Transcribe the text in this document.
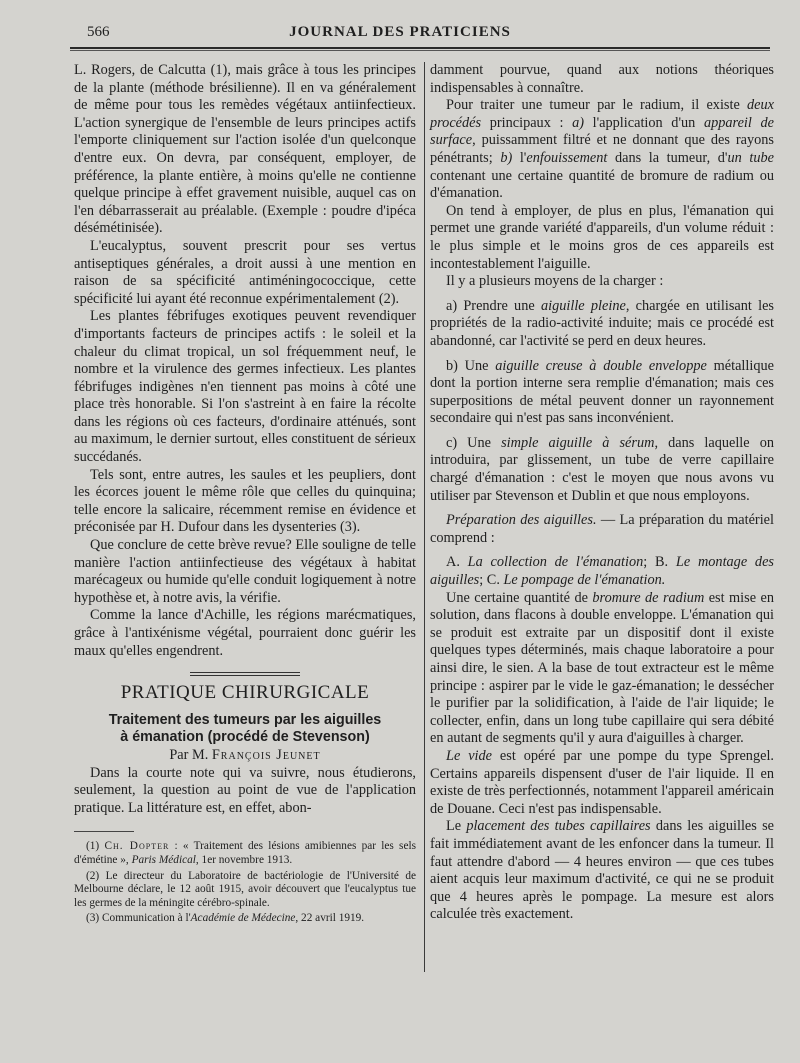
566	JOURNAL DES PRATICIENS

L. Rogers, de Calcutta (1), mais grâce à tous les principes de la plante (méthode brésilienne). Il en va généralement de même pour tous les remèdes végétaux antiinfectieux. L'action synergique de l'ensemble de leurs principes actifs l'emporte cliniquement sur l'action isolée d'un quelconque d'entre eux. On devra, par conséquent, employer, de préférence, la plante entière, à moins qu'elle ne contienne quelque principe à effet gravement nuisible, auquel cas on l'en débarrasserait au préalable. (Exemple : poudre d'ipéca désémétinisée).

L'eucalyptus, souvent prescrit pour ses vertus antiseptiques générales, a droit aussi à une mention en raison de sa spécificité antiméningococcique, cette spécificité lui ayant été reconnue expérimentalement (2).

Les plantes fébrifuges exotiques peuvent revendiquer d'importants facteurs de principes actifs : le soleil et la chaleur du climat tropical, un sol fréquemment neuf, le nombre et la virulence des germes infectieux. Les plantes fébrifuges indigènes n'en tiennent pas moins à côté une place très honorable. Si l'on s'astreint à en faire la récolte dans les régions où ces facteurs, d'ordinaire atténués, sont au maximum, le dernier surtout, elles constituent de sérieux succédanés.

Tels sont, entre autres, les saules et les peupliers, dont les écorces jouent le même rôle que celles du quinquina; telle encore la salicaire, récemment remise en évidence et préconisée par H. Dufour dans les dysenteries (3).

Que conclure de cette brève revue? Elle souligne de telle manière l'action antiinfectieuse des végétaux à habitat marécageux ou humide qu'elle conduit logiquement à notre hypothèse et, à notre avis, la vérifie.

Comme la lance d'Achille, les régions marécmatiques, grâce à l'antixénisme végétal, pourraient donc guérir les maux qu'elles engendrent.

PRATIQUE CHIRURGICALE
Traitement des tumeurs par les aiguilles
à émanation (procédé de Stevenson)
Par M. François Jeunet

Dans la courte note qui va suivre, nous étudierons, seulement, la question au point de vue de l'application pratique. La littérature est, en effet, abon-

(1) Ch. Dopter : « Traitement des lésions amibiennes par les sels d'émétine », Paris Médical, 1er novembre 1913.

(2) Le directeur du Laboratoire de bactériologie de l'Université de Melbourne déclare, le 12 août 1915, avoir découvert que l'eucalyptus tue les germes de la méningite cérébro-spinale.

(3) Communication à l'Académie de Médecine, 22 avril 1919.

damment pourvue, quand aux notions théoriques indispensables à connaître.

Pour traiter une tumeur par le radium, il existe deux procédés principaux : a) l'application d'un appareil de surface, puissamment filtré et ne donnant que des rayons pénétrants; b) l'enfouissement dans la tumeur, d'un tube contenant une certaine quantité de bromure de radium ou d'émanation.

On tend à employer, de plus en plus, l'émanation qui permet une grande variété d'appareils, d'un volume réduit : le plus simple et le moins gros de ces appareils est incontestablement l'aiguille.

Il y a plusieurs moyens de la charger :

a) Prendre une aiguille pleine, chargée en utilisant les propriétés de la radio-activité induite; mais ce procédé est abandonné, car l'activité se perd en deux heures.

b) Une aiguille creuse à double enveloppe métallique dont la portion interne sera remplie d'émanation; mais ces superpositions de métal peuvent donner un rayonnement secondaire qui n'est pas sans inconvénient.

c) Une simple aiguille à sérum, dans laquelle on introduira, par glissement, un tube de verre capillaire chargé d'émanation : c'est le moyen que nous avons vu utiliser par Stevenson et Dublin et que nous employons.

Préparation des aiguilles. — La préparation du matériel comprend :

A. La collection de l'émanation; B. Le montage des aiguilles; C. Le pompage de l'émanation.

Une certaine quantité de bromure de radium est mise en solution, dans flacons à double enveloppe. L'émanation qui se produit est extraite par un dispositif dont il existe quelques types déterminés, mais chaque laboratoire a pour ainsi dire, le sien. A la base de tout extracteur est le même principe : aspirer par le vide le gaz-émanation; le dessécher le purifier par la solidification, à l'aide de l'air liquide; le collecter, enfin, dans un long tube capillaire qui sera débité en autant de segments qu'il y aura d'aiguilles à charger.

Le vide est opéré par une pompe du type Sprengel. Certains appareils dispensent d'user de l'air liquide. Il en existe de très perfectionnés, notamment l'appareil américain de Douane. Ceci n'est pas indispensable.

Le placement des tubes capillaires dans les aiguilles se fait immédiatement avant de les enfoncer dans la tumeur. Il faut attendre d'abord — 4 heures environ — que ces tubes aient acquis leur maximum d'activité, ce qui ne se produit que 4 heures après le pompage. La mesure est alors calculée très exactement.
